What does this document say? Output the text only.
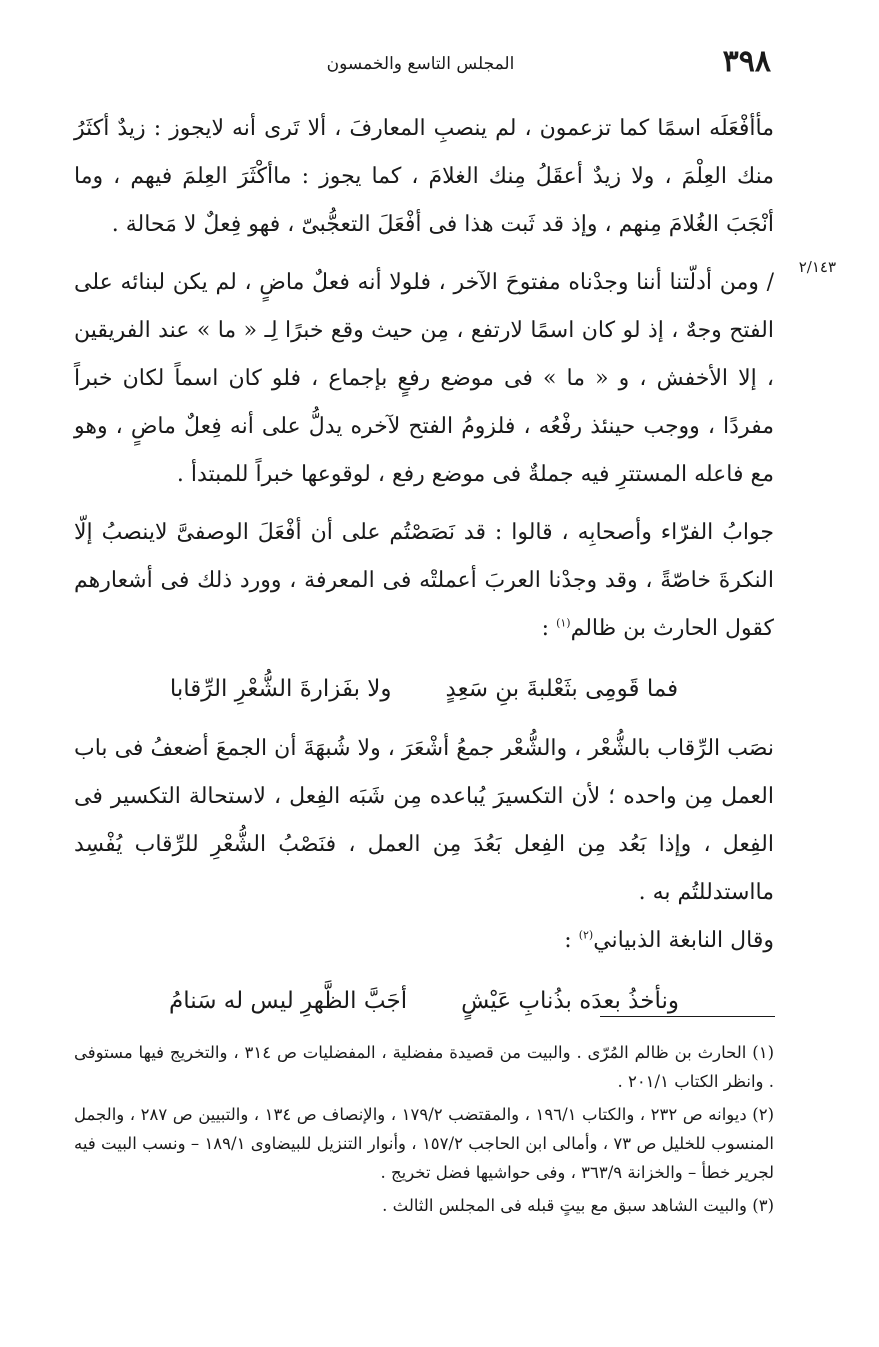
٣٩٨
المجلس التاسع والخمسون
٢/١٤٣

مأأفْعَلَه اسمًا كما تزعمون ، لم ينصبِ المعارفَ ، ألا تَرى أنه لايجوز : زيدٌ أكثَرُ منك العِلْمَ ، ولا زيدٌ أعقَلُ مِنك الغلامَ ، كما يجوز : ماأكْثَرَ العِلمَ فيهم ، وما أنْجَبَ الغُلامَ مِنهم ، وإذ قد ثَبت هذا فى أفْعَلَ التعجُّبىّ ، فهو فِعلٌ لا مَحالة .

/ ومن أدلّتنا أننا وجدْناه مفتوحَ الآخر ، فلولا أنه فعلٌ ماضٍ ، لم يكن لبنائه على الفتح وجهٌ ، إذ لو كان اسمًا لارتفع ، مِن حيث وقع خبرًا لِـ « ما » عند الفريقين ، إلا الأخفش ، و « ما » فى موضع رفعٍ بإجماع ، فلو كان اسماً لكان خبراً مفردًا ، ووجب حينئذ رفْعُه ، فلزومُ الفتح لآخره يدلُّ على أنه فِعلٌ ماضٍ ، وهو مع فاعله المستترِ فيه جملةٌ فى موضع رفع ، لوقوعها خبراً للمبتدأ .

جوابُ الفرّاء وأصحابِه ، قالوا : قد نَصَصْتُم على أن أفْعَلَ الوصفىَّ لاينصبُ إلّا النكرةَ خاصّةً ، وقد وجدْنا العربَ أعملتْه فى المعرفة ، وورد ذلك فى أشعارهم كقول الحارث بن ظالم$^{(١)}$ :

فما قَومِى بثَعْلبةَ بنِ سَعِدٍ
ولا بفَزارةَ الشُّعْرِ الرِّقابا

نصَب الرِّقاب بالشُّعْر ، والشُّعْر جمعُ أشْعَرَ ، ولا شُبهَةَ أن الجمعَ أضعفُ فى باب العمل مِن واحده ؛ لأن التكسيرَ يُباعده مِن شَبَه الفِعل ، لاستحالة التكسير فى الفِعل ، وإذا بَعُد مِن الفِعل بَعُدَ مِن العمل ، فنَصْبُ الشُّعْرِ للرِّقاب يُفْسِد مااستدللتُم به .

وقال النابغة الذبياني$^{(٢)}$ :

ونأخذُ بعدَه بذُنابِ عَيْشٍ
أجَبَّ الظَّهرِ ليس له سَنامُ

(١) الحارث بن ظالم المُرّى . والبيت من قصيدة مفضلية ، المفضليات ص ٣١٤ ، والتخريج فيها مستوفى . وانظر الكتاب ٢٠١/١ .

(٢) ديوانه ص ٢٣٢ ، والكتاب ١٩٦/١ ، والمقتضب ١٧٩/٢ ، والإنصاف ص ١٣٤ ، والتبيين ص ٢٨٧ ، والجمل المنسوب للخليل ص ٧٣ ، وأمالى ابن الحاجب ١٥٧/٢ ، وأنوار التنزيل للبيضاوى ١٨٩/١ – ونسب البيت فيه لجرير خطأ – والخزانة ٣٦٣/٩ ، وفى حواشيها فضل تخريج .

(٣) والبيت الشاهد سبق مع بيتٍ قبله فى المجلس الثالث .
